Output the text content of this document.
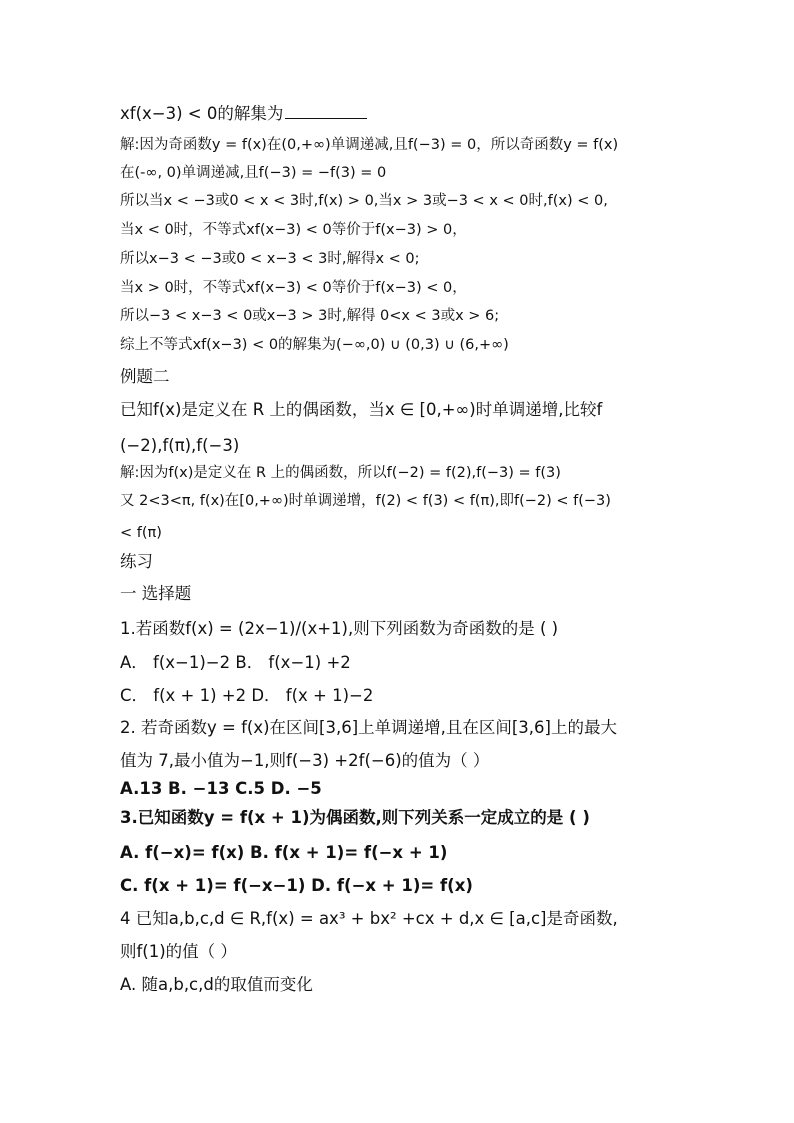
xf(x−3) < 0的解集为
解:因为奇函数y = f(x)在(0,+∞)单调递减,且f(−3) = 0，所以奇函数y = f(x)
在(-∞, 0)单调递减,且f(−3) = −f(3) = 0
所以当x < −3或0 < x < 3时,f(x) > 0,当x > 3或−3 < x < 0时,f(x) < 0,
当x < 0时，不等式xf(x−3) < 0等价于f(x−3) > 0，
所以x−3 < −3或0 < x−3 < 3时,解得x < 0;
当x > 0时，不等式xf(x−3) < 0等价于f(x−3) < 0，
所以−3 < x−3 < 0或x−3 > 3时,解得 0<x < 3或x > 6;
综上不等式xf(x−3) < 0的解集为(−∞,0) ∪ (0,3) ∪ (6,+∞)
例题二
已知f(x)是定义在 R 上的偶函数，当x ∈ [0,+∞)时单调递增,比较f
(−2),f(π),f(−3)
解:因为f(x)是定义在 R 上的偶函数，所以f(−2) = f(2),f(−3) = f(3)
又 2<3<π, f(x)在[0,+∞)时单调递增，f(2) < f(3) < f(π),即f(−2) < f(−3)
< f(π)
练习
一 选择题
1.若函数f(x) = (2x−1)/(x+1),则下列函数为奇函数的是 ( )
A． f(x−1)−2 B． f(x−1) +2
C． f(x + 1) +2 D． f(x + 1)−2
2. 若奇函数y = f(x)在区间[3,6]上单调递增,且在区间[3,6]上的最大
值为 7,最小值为−1,则f(−3) +2f(−6)的值为（ ）
A.13 B. −13 C.5 D. −5
3.已知函数y = f(x + 1)为偶函数,则下列关系一定成立的是 ( )
A. f(−x)= f(x) B. f(x + 1)= f(−x + 1)
C. f(x + 1)= f(−x−1) D. f(−x + 1)= f(x)
4 已知a,b,c,d ∈ R,f(x) = ax³ + bx² +cx + d,x ∈ [a,c]是奇函数,
则f(1)的值（ ）
A. 随a,b,c,d的取值而变化
